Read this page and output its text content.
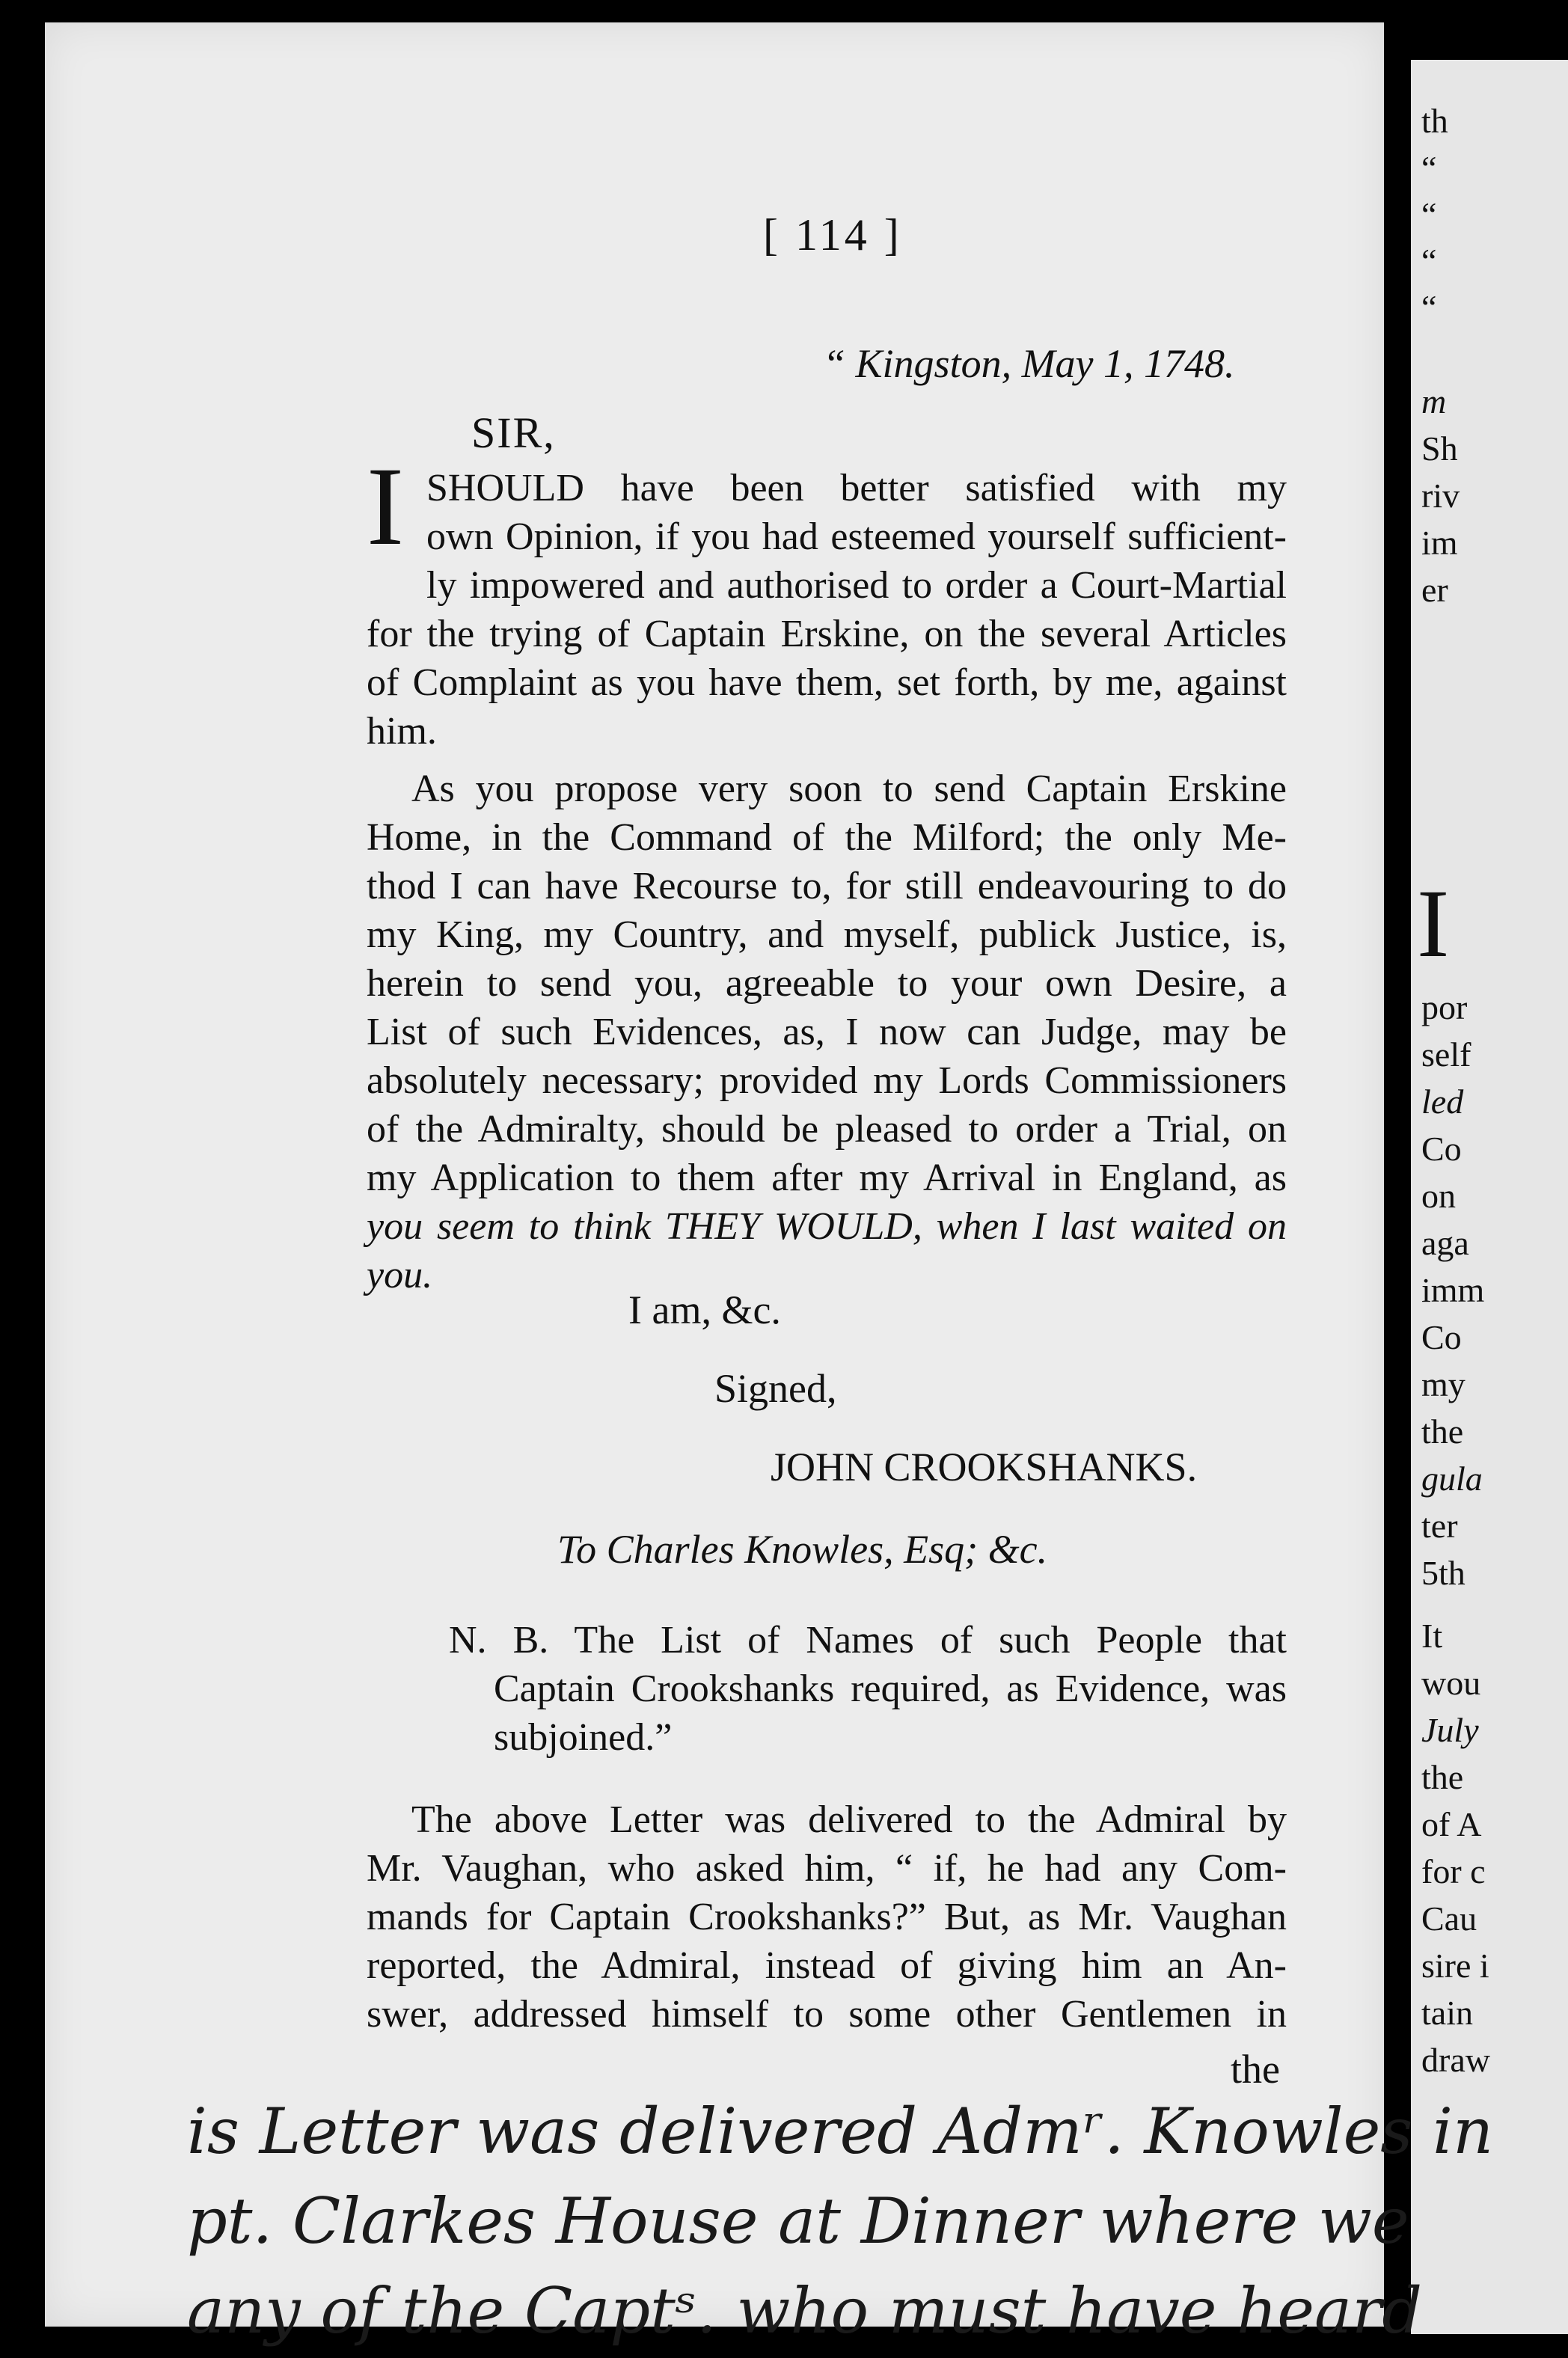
th
“
“
“
“
m
Sh
riv
im
er
I
por
self
led
Co
on
aga
imm
Co
my
the
gula
ter
5th
It
wou
July
the
of A
for c
Cau
sire i
tain
draw
[ 114 ]
“ Kingston, May 1, 1748.
SIR,
I SHOULD have been better satisfied with my
own Opinion, if you had esteemed yourself sufficient-
ly impowered and authorised to order a Court-Martial
for the trying of Captain Erskine, on the several Articles
of Complaint as you have them, set forth, by me, against
him.
As you propose very soon to send Captain Erskine
Home, in the Command of the Milford; the only Me-
thod I can have Recourse to, for still endeavouring to do
my King, my Country, and myself, publick Justice, is,
herein to send you, agreeable to your own Desire, a
List of such Evidences, as, I now can Judge, may be
absolutely necessary; provided my Lords Commissioners
of the Admiralty, should be pleased to order a Trial, on
my Application to them after my Arrival in England, as
you seem to think THEY WOULD, when I last waited on
you.
I am, &c.
Signed,
JOHN CROOKSHANKS.
To Charles Knowles, Esq; &c.
N. B. The List of Names of such People that
Captain Crookshanks required, as Evidence, was
subjoined.”
The above Letter was delivered to the Admiral by
Mr. Vaughan, who asked him, “ if, he had any Com-
mands for Captain Crookshanks?” But, as Mr. Vaughan
reported, the Admiral, instead of giving him an An-
swer, addressed himself to some other Gentlemen in
the
is Letter was delivered Admʳ. Knowles in
pt. Clarkes House at Dinner where we
any of the Captˢ. who must have heard
